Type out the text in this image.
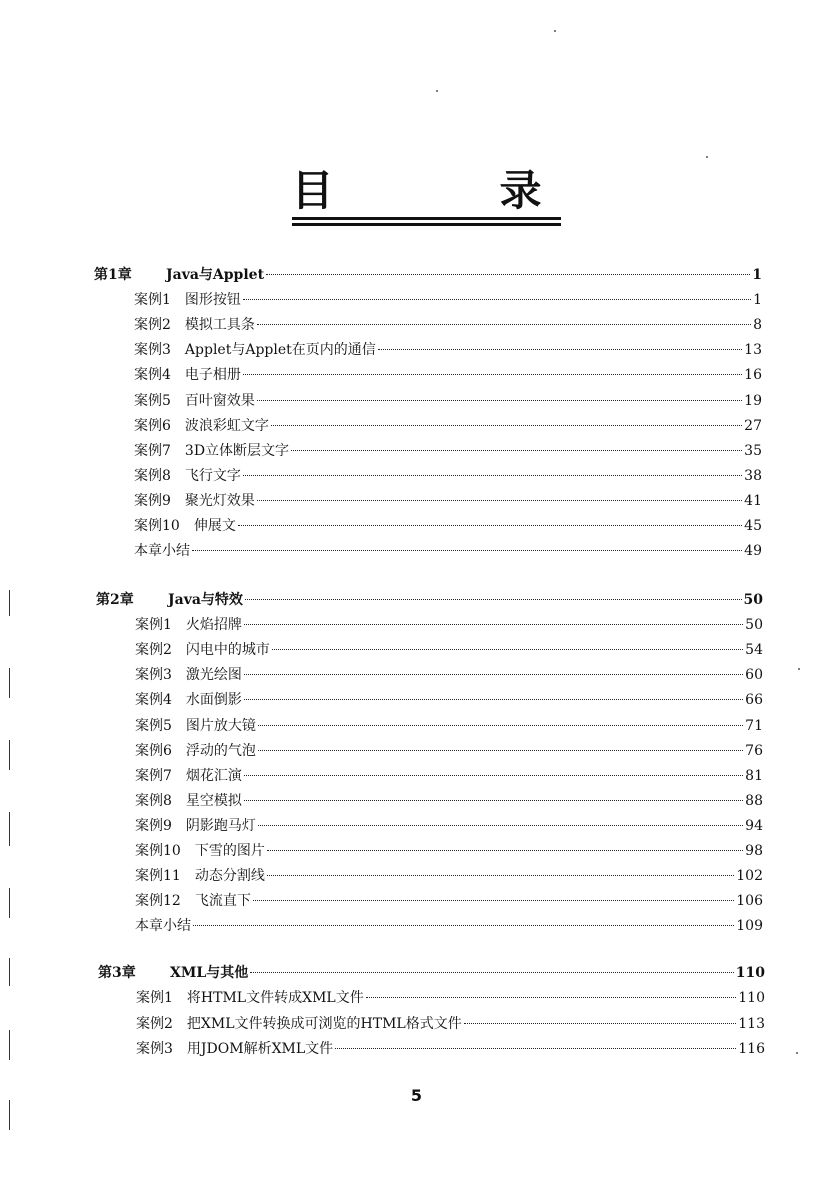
目　录
第1章	Java与Applet	1
案例1 图形按钮	1
案例2 模拟工具条	8
案例3 Applet与Applet在页内的通信	13
案例4 电子相册	16
案例5 百叶窗效果	19
案例6 波浪彩虹文字	27
案例7 3D立体断层文字	35
案例8 飞行文字	38
案例9 聚光灯效果	41
案例10 伸展文	45
本章小结	49
第2章	Java与特效	50
案例1 火焰招牌	50
案例2 闪电中的城市	54
案例3 激光绘图	60
案例4 水面倒影	66
案例5 图片放大镜	71
案例6 浮动的气泡	76
案例7 烟花汇演	81
案例8 星空模拟	88
案例9 阴影跑马灯	94
案例10 下雪的图片	98
案例11 动态分割线	102
案例12 飞流直下	106
本章小结	109
第3章	XML与其他	110
案例1 将HTML文件转成XML文件	110
案例2 把XML文件转换成可浏览的HTML格式文件	113
案例3 用JDOM解析XML文件	116
5
